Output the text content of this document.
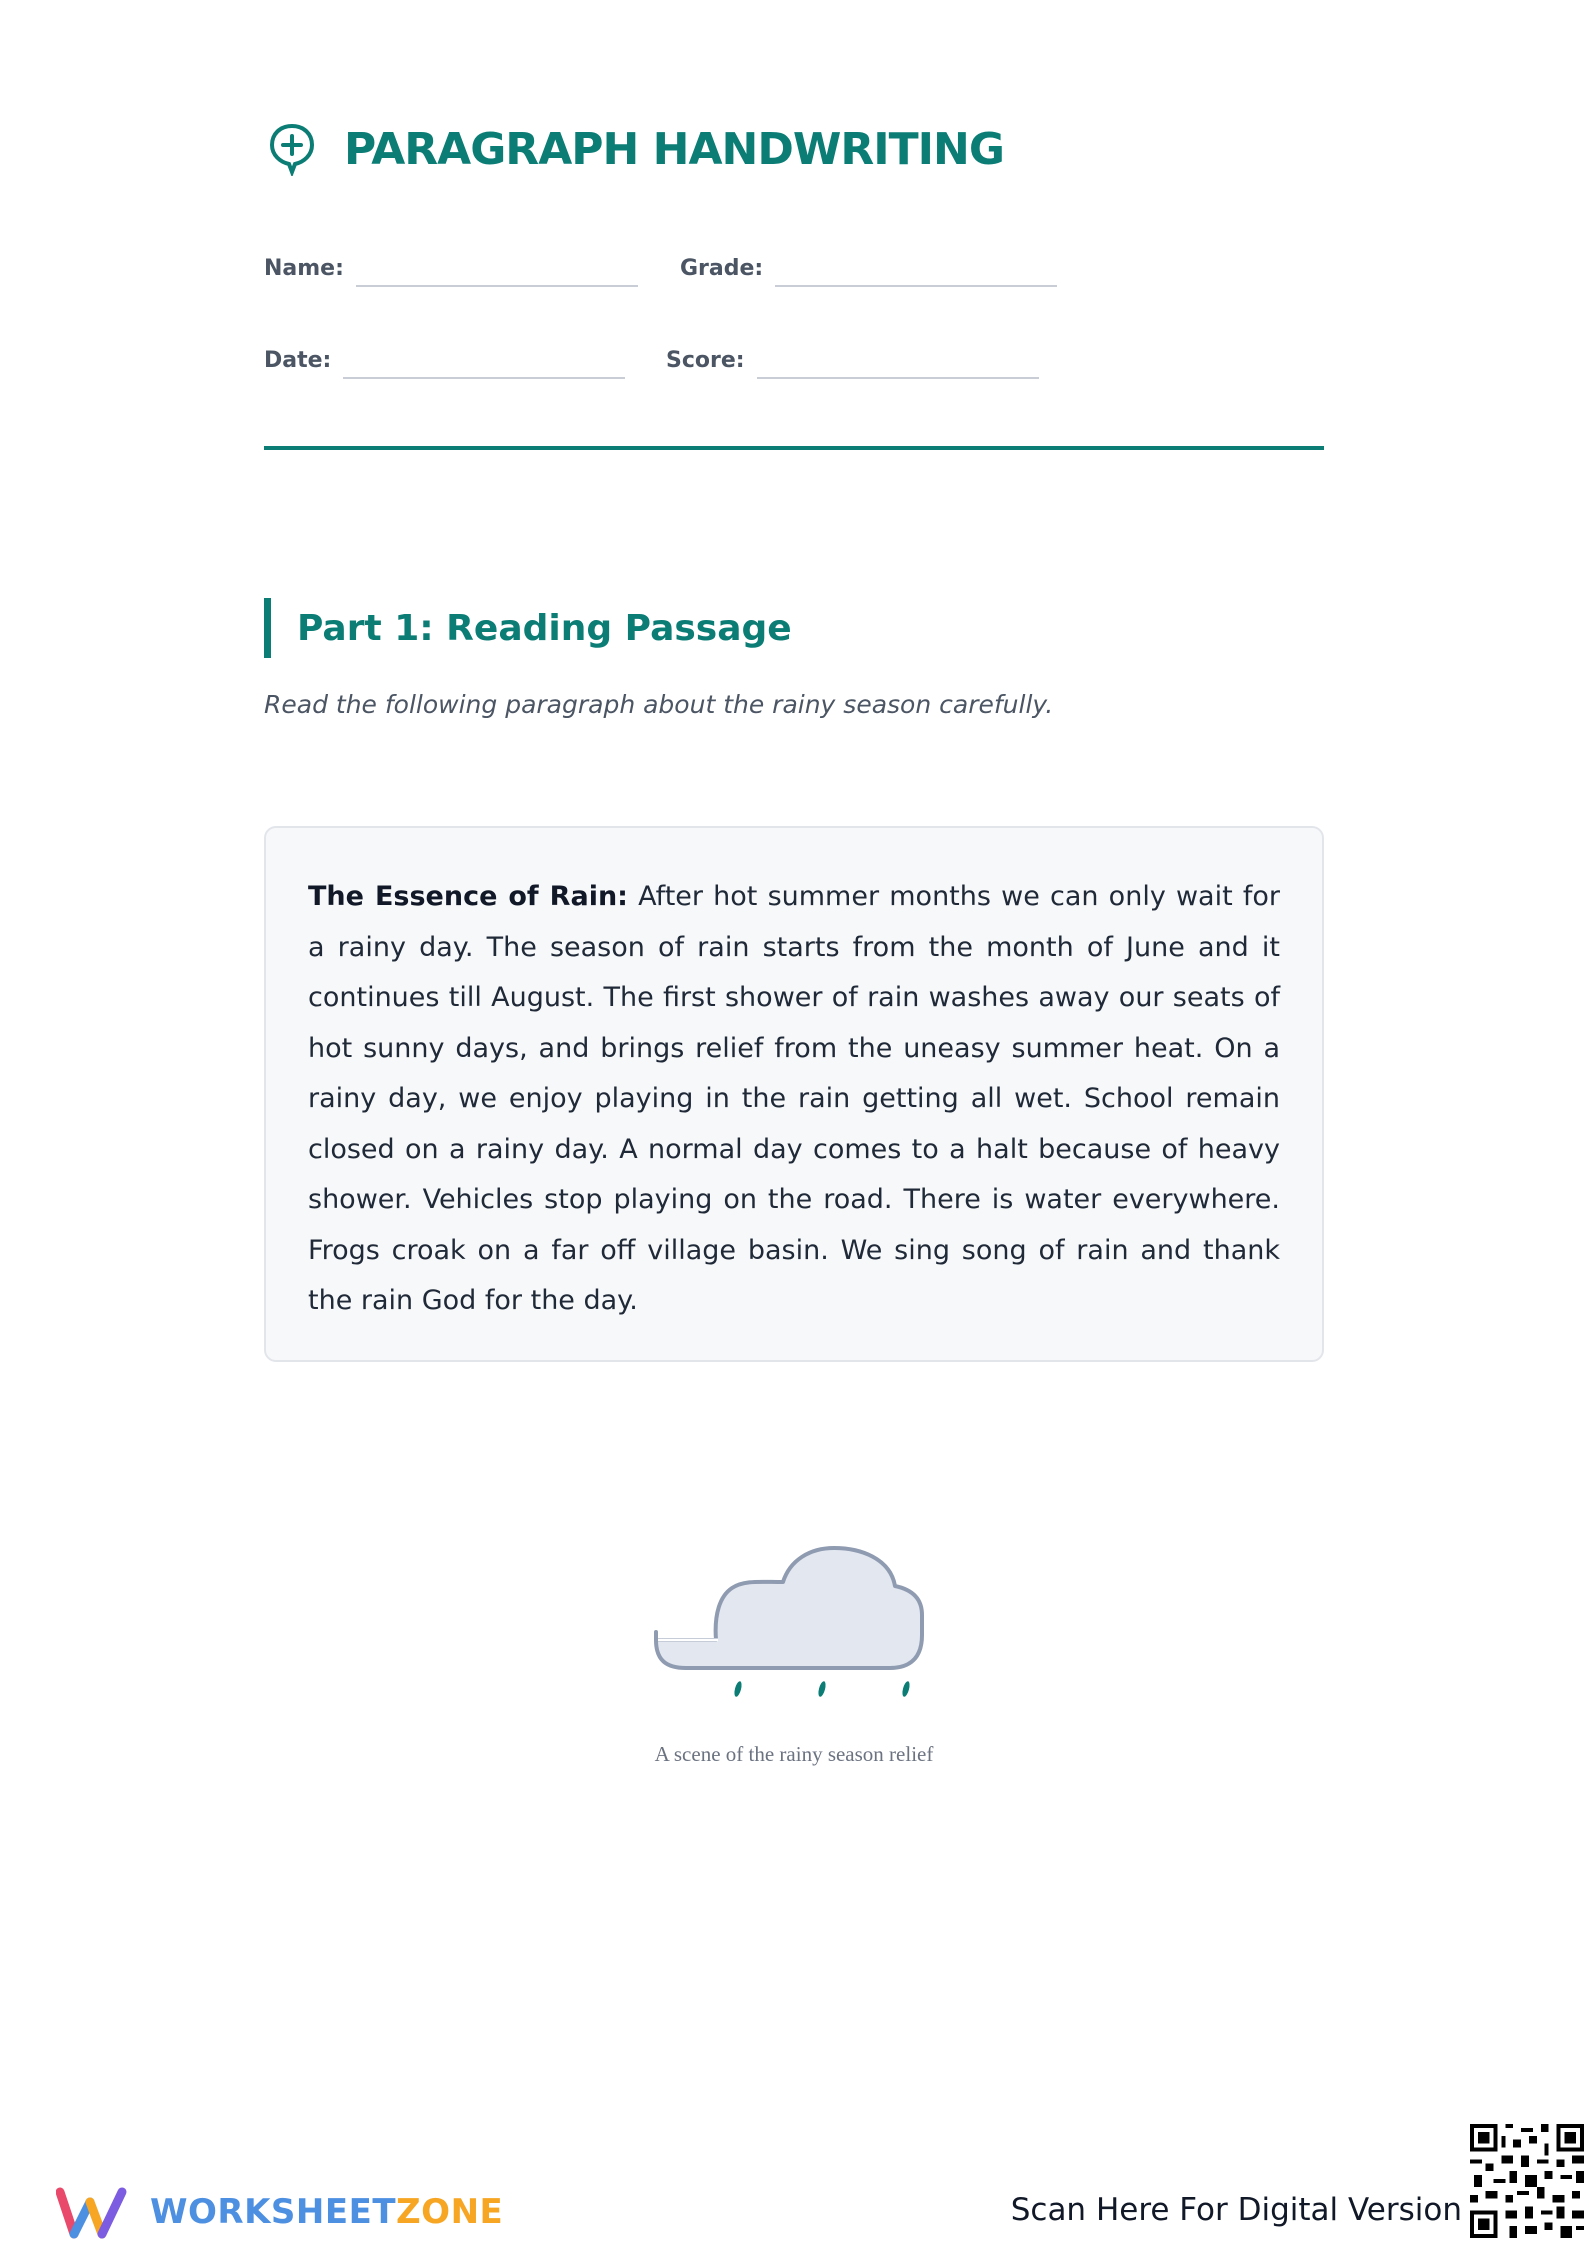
PARAGRAPH HANDWRITING
Name:	Grade:
Date:	Score:
Part 1: Reading Passage

Read the following paragraph about the rainy season carefully.

The Essence of Rain: After hot summer months we can only wait for a rainy day. The season of rain starts from the month of June and it continues till August. The first shower of rain washes away our seats of hot sunny days, and brings relief from the uneasy summer heat. On a rainy day, we enjoy playing in the rain getting all wet. School remain closed on a rainy day. A normal day comes to a halt because of heavy shower. Vehicles stop playing on the road. There is water everywhere. Frogs croak on a far off village basin. We sing song of rain and thank the rain God for the day.

A scene of the rainy season relief

WORKSHEETZONE	Scan Here For Digital Version
